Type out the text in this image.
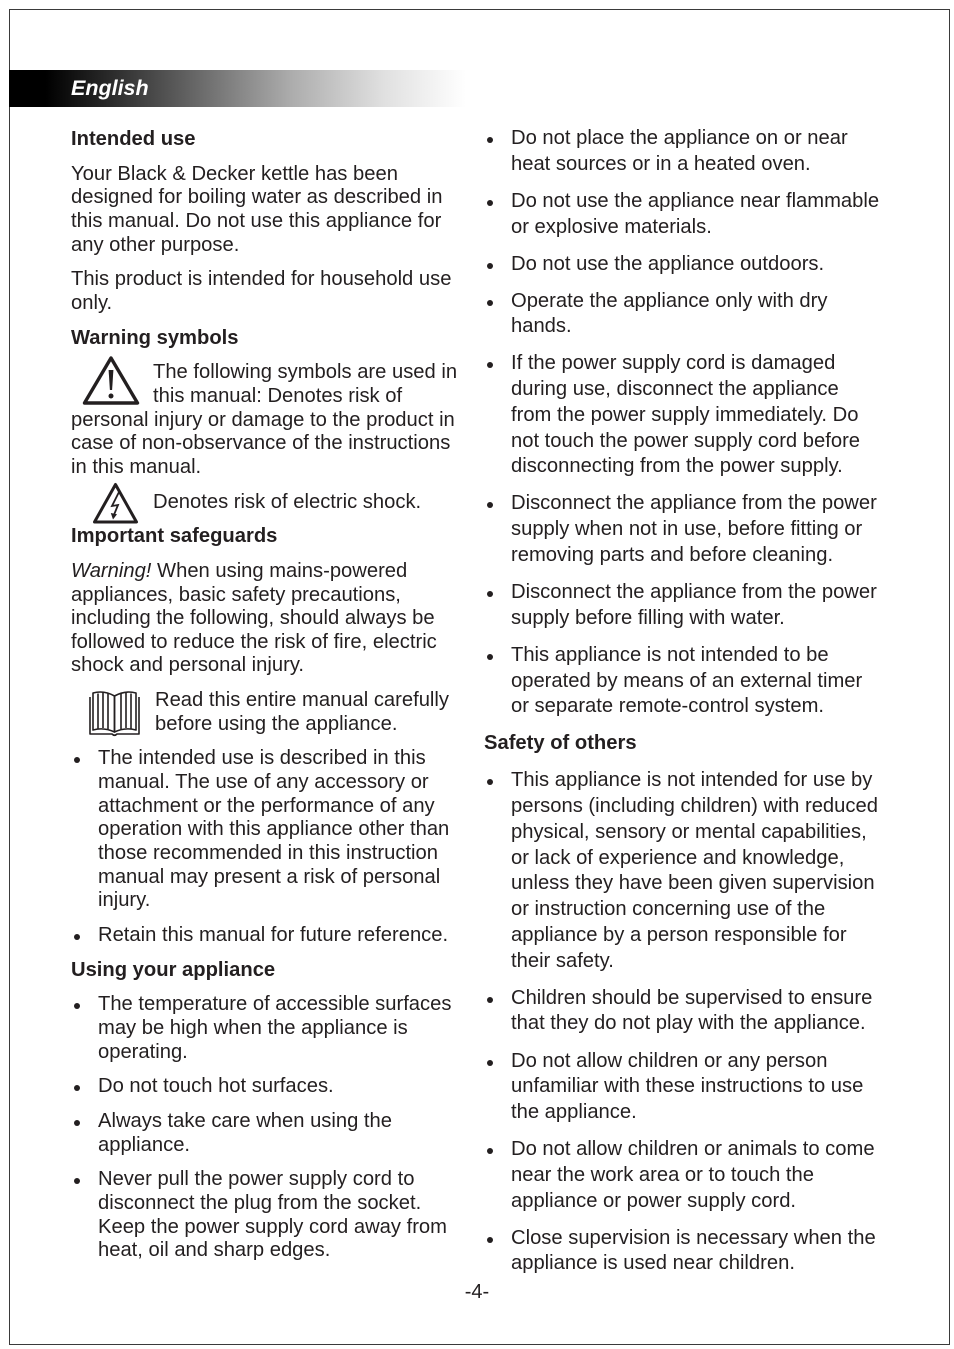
English
Intended use
Your Black & Decker kettle has been
designed for boiling water as described in
this manual. Do not use this appliance for
any other purpose.
This product is intended for household use
only.
Warning symbols
The following symbols are used in
this manual: Denotes risk of
personal injury or damage to the product in
case of non-observance of the instructions
in this manual.
Denotes risk of electric shock.
Important safeguards
Warning! When using mains-powered
appliances, basic safety precautions,
including the following, should always be
followed to reduce the risk of fire, electric
shock and personal injury.
Read this entire manual carefully
before using the appliance.
The intended use is described in this
manual. The use of any accessory or
attachment or the performance of any
operation with this appliance other than
those recommended in this instruction
manual may present a risk of personal
injury.
Retain this manual for future reference.
Using your appliance
The temperature of accessible surfaces
may be high when the appliance is
operating.
Do not touch hot surfaces.
Always take care when using the
appliance.
Never pull the power supply cord to
disconnect the plug from the socket.
Keep the power supply cord away from
heat, oil and sharp edges.
Do not place the appliance on or near
heat sources or in a heated oven.
Do not use the appliance near flammable
or explosive materials.
Do not use the appliance outdoors.
Operate the appliance only with dry
hands.
If the power supply cord is damaged
during use, disconnect the appliance
from the power supply immediately. Do
not touch the power supply cord before
disconnecting from the power supply.
Disconnect the appliance from the power
supply when not in use, before fitting or
removing parts and before cleaning.
Disconnect the appliance from the power
supply before filling with water.
This appliance is not intended to be
operated by means of an external timer
or separate remote-control system.
Safety of others
This appliance is not intended for use by
persons (including children) with reduced
physical, sensory or mental capabilities,
or lack of experience and knowledge,
unless they have been given supervision
or instruction concerning use of the
appliance by a person responsible for
their safety.
Children should be supervised to ensure
that they do not play with the appliance.
Do not allow children or any person
unfamiliar with these instructions to use
the appliance.
Do not allow children or animals to come
near the work area or to touch the
appliance or power supply cord.
Close supervision is necessary when the
appliance is used near children.
-4-
